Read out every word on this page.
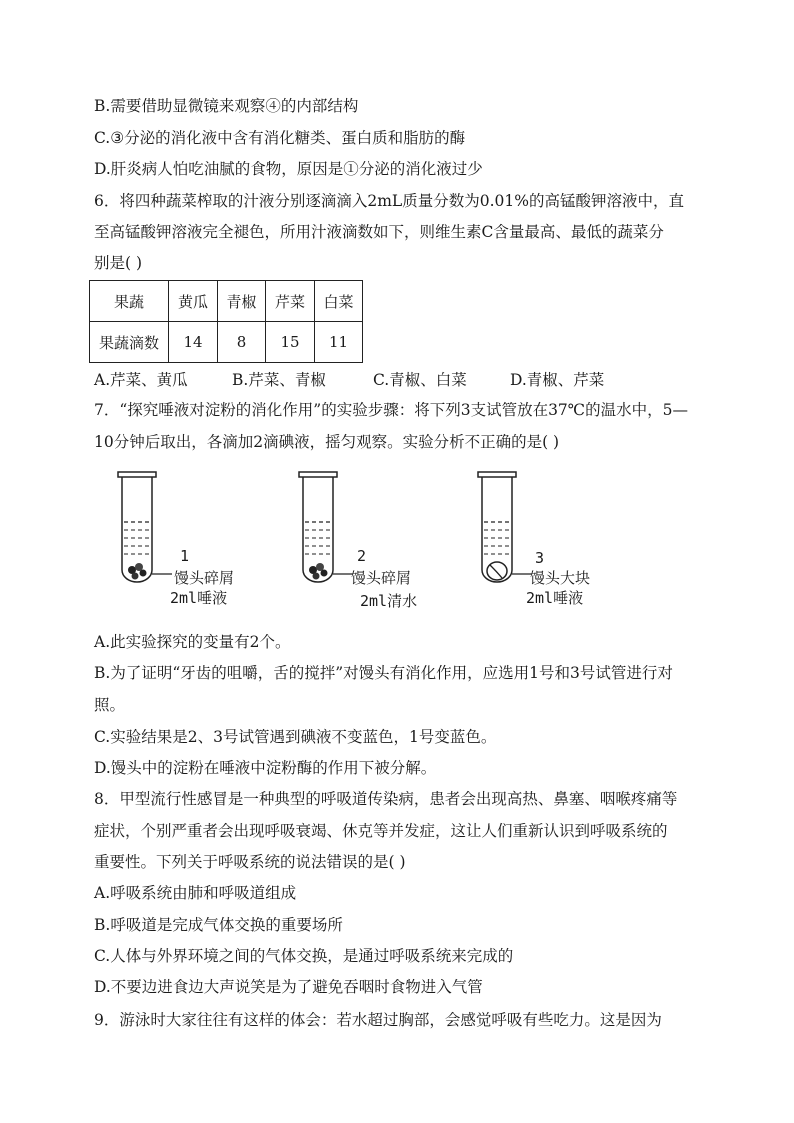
B.需要借助显微镜来观察④的内部结构
C.③分泌的消化液中含有消化糖类、蛋白质和脂肪的酶
D.肝炎病人怕吃油腻的食物，原因是①分泌的消化液过少
6．将四种蔬菜榨取的汁液分别逐滴滴入2mL质量分数为0.01%的高锰酸钾溶液中，直
至高锰酸钾溶液完全褪色，所用汁液滴数如下，则维生素C含量最高、最低的蔬菜分
别是( )
果蔬	黄瓜	青椒	芹菜	白菜
果蔬滴数	14	8	15	11
A.芹菜、黄瓜	B.芹菜、青椒	C.青椒、白菜	D.青椒、芹菜
7．“探究唾液对淀粉的消化作用”的实验步骤：将下列3支试管放在37℃的温水中，5—
10分钟后取出，各滴加2滴碘液，摇匀观察。实验分析不正确的是( )
1
馒头碎屑
2ml唾液
2
馒头碎屑
2ml清水
3
馒头大块
2ml唾液
A.此实验探究的变量有2个。
B.为了证明“牙齿的咀嚼，舌的搅拌”对馒头有消化作用，应选用1号和3号试管进行对
照。
C.实验结果是2、3号试管遇到碘液不变蓝色，1号变蓝色。
D.馒头中的淀粉在唾液中淀粉酶的作用下被分解。
8．甲型流行性感冒是一种典型的呼吸道传染病，患者会出现高热、鼻塞、咽喉疼痛等
症状，个别严重者会出现呼吸衰竭、休克等并发症，这让人们重新认识到呼吸系统的
重要性。下列关于呼吸系统的说法错误的是( )
A.呼吸系统由肺和呼吸道组成
B.呼吸道是完成气体交换的重要场所
C.人体与外界环境之间的气体交换，是通过呼吸系统来完成的
D.不要边进食边大声说笑是为了避免吞咽时食物进入气管
9．游泳时大家往往有这样的体会：若水超过胸部，会感觉呼吸有些吃力。这是因为
